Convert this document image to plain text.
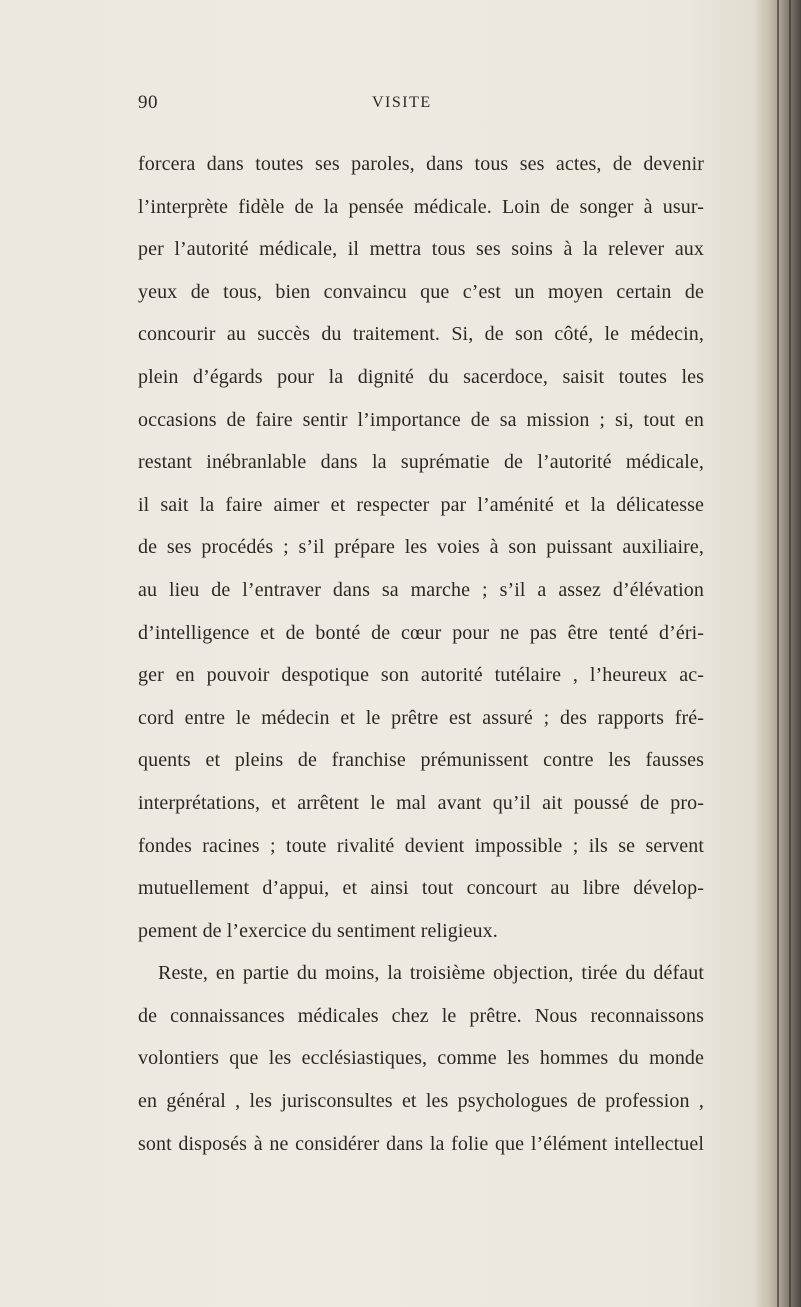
90	VISITE
forcera dans toutes ses paroles, dans tous ses actes, de devenir
l’interprète fidèle de la pensée médicale. Loin de songer à usur-
per l’autorité médicale, il mettra tous ses soins à la relever aux
yeux de tous, bien convaincu que c’est un moyen certain de
concourir au succès du traitement. Si, de son côté, le médecin,
plein d’égards pour la dignité du sacerdoce, saisit toutes les
occasions de faire sentir l’importance de sa mission ; si, tout en
restant inébranlable dans la suprématie de l’autorité médicale,
il sait la faire aimer et respecter par l’aménité et la délicatesse
de ses procédés ; s’il prépare les voies à son puissant auxiliaire,
au lieu de l’entraver dans sa marche ; s’il a assez d’élévation
d’intelligence et de bonté de cœur pour ne pas être tenté d’éri-
ger en pouvoir despotique son autorité tutélaire , l’heureux ac-
cord entre le médecin et le prêtre est assuré ; des rapports fré-
quents et pleins de franchise prémunissent contre les fausses
interprétations, et arrêtent le mal avant qu’il ait poussé de pro-
fondes racines ; toute rivalité devient impossible ; ils se servent
mutuellement d’appui, et ainsi tout concourt au libre dévelop-
pement de l’exercice du sentiment religieux.
Reste, en partie du moins, la troisième objection, tirée du défaut
de connaissances médicales chez le prêtre. Nous reconnaissons
volontiers que les ecclésiastiques, comme les hommes du monde
en général , les jurisconsultes et les psychologues de profession ,
sont disposés à ne considérer dans la folie que l’élément intellectuel
